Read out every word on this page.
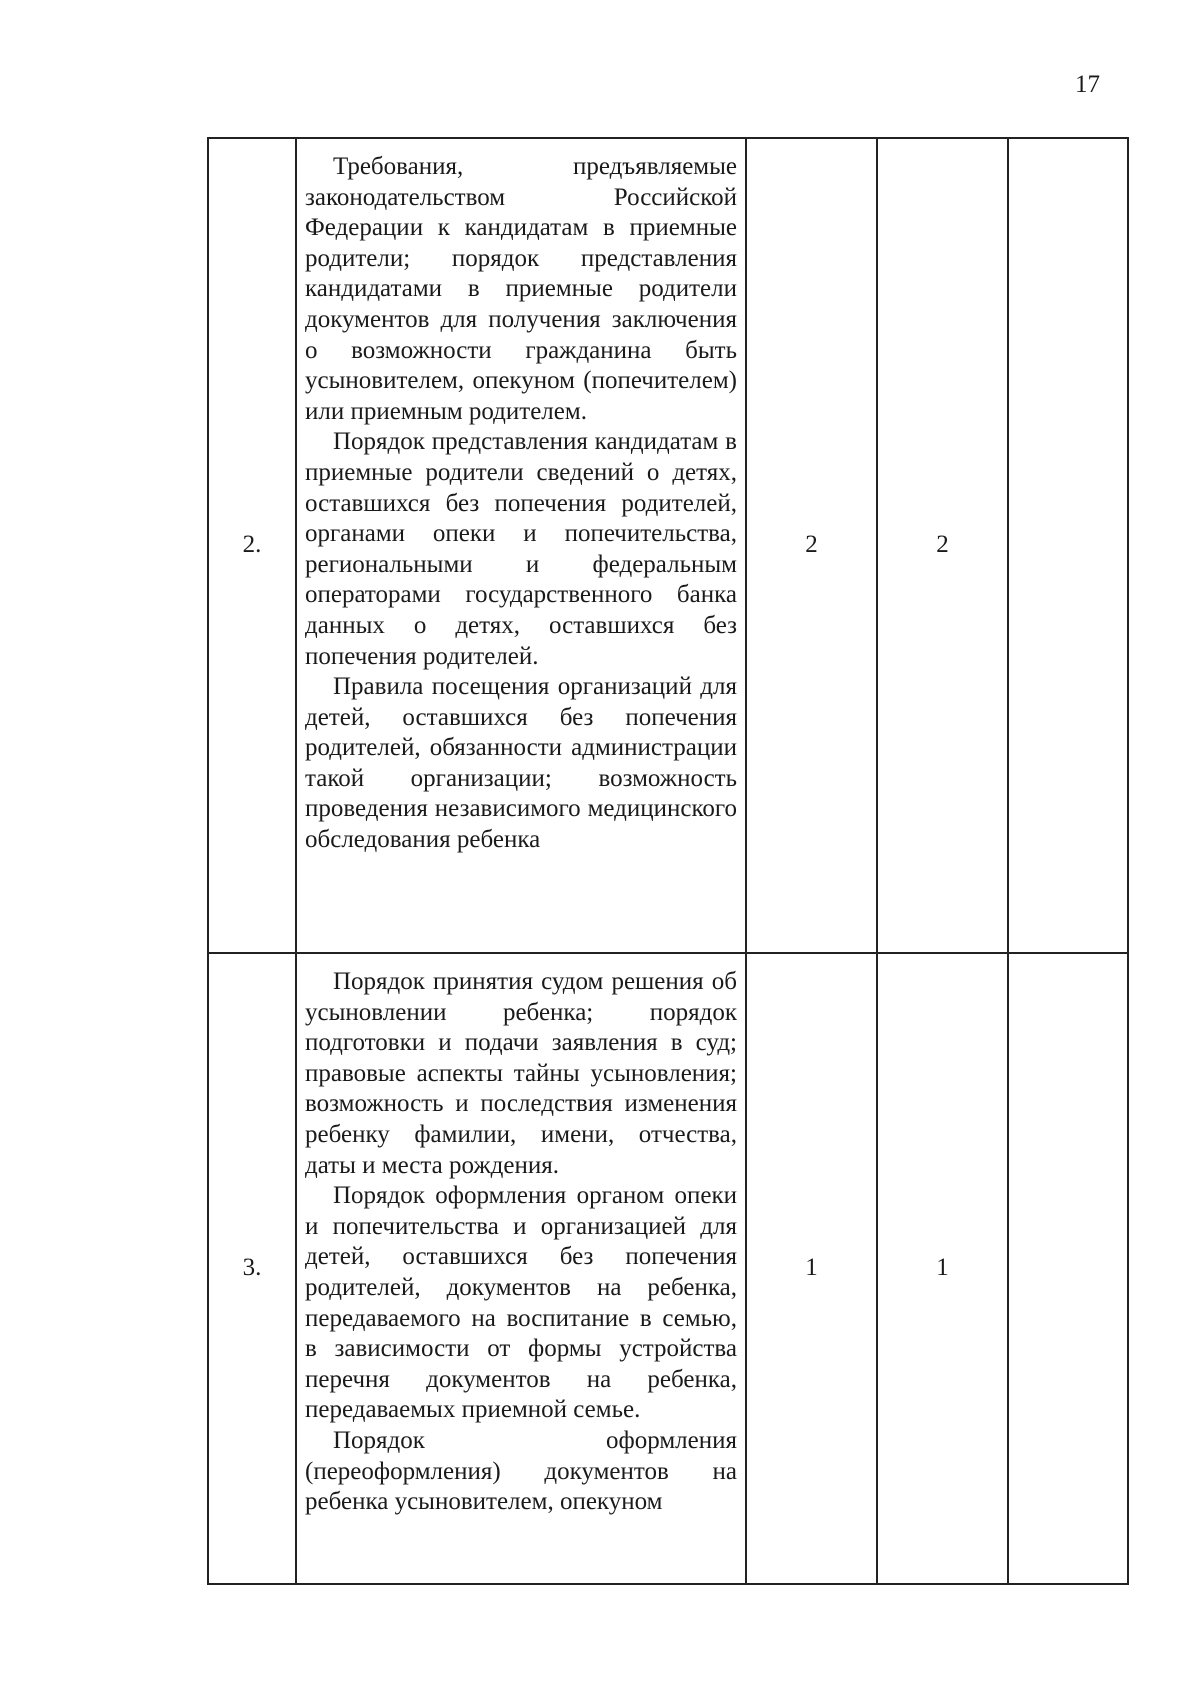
17
2.	Требования, предъявляемые законодательством Российской Федерации к кандидатам в приемные родители; порядок представления кандидатами в приемные родители документов для получения заключения о возможности гражданина быть усыновителем, опекуном (попечителем) или приемным родителем.

Порядок представления кандидатам в приемные родители сведений о детях, оставшихся без попечения родителей, органами опеки и попечительства, региональными и федеральным операторами государственного банка данных о детях, оставшихся без попечения родителей.

Правила посещения организаций для детей, оставшихся без попечения родителей, обязанности администрации такой организации; возможность проведения независимого медицинского обследования ребенка	2	2	
3.	Порядок принятия судом решения об усыновлении ребенка; порядок подготовки и подачи заявления в суд; правовые аспекты тайны усыновления; возможность и последствия изменения ребенку фамилии, имени, отчества, даты и места рождения.

Порядок оформления органом опеки и попечительства и организацией для детей, оставшихся без попечения родителей, документов на ребенка, передаваемого на воспитание в семью, в зависимости от формы устройства перечня документов на ребенка, передаваемых приемной семье.

Порядок оформления (переоформления) документов на ребенка усыновителем, опекуном	1	1	
